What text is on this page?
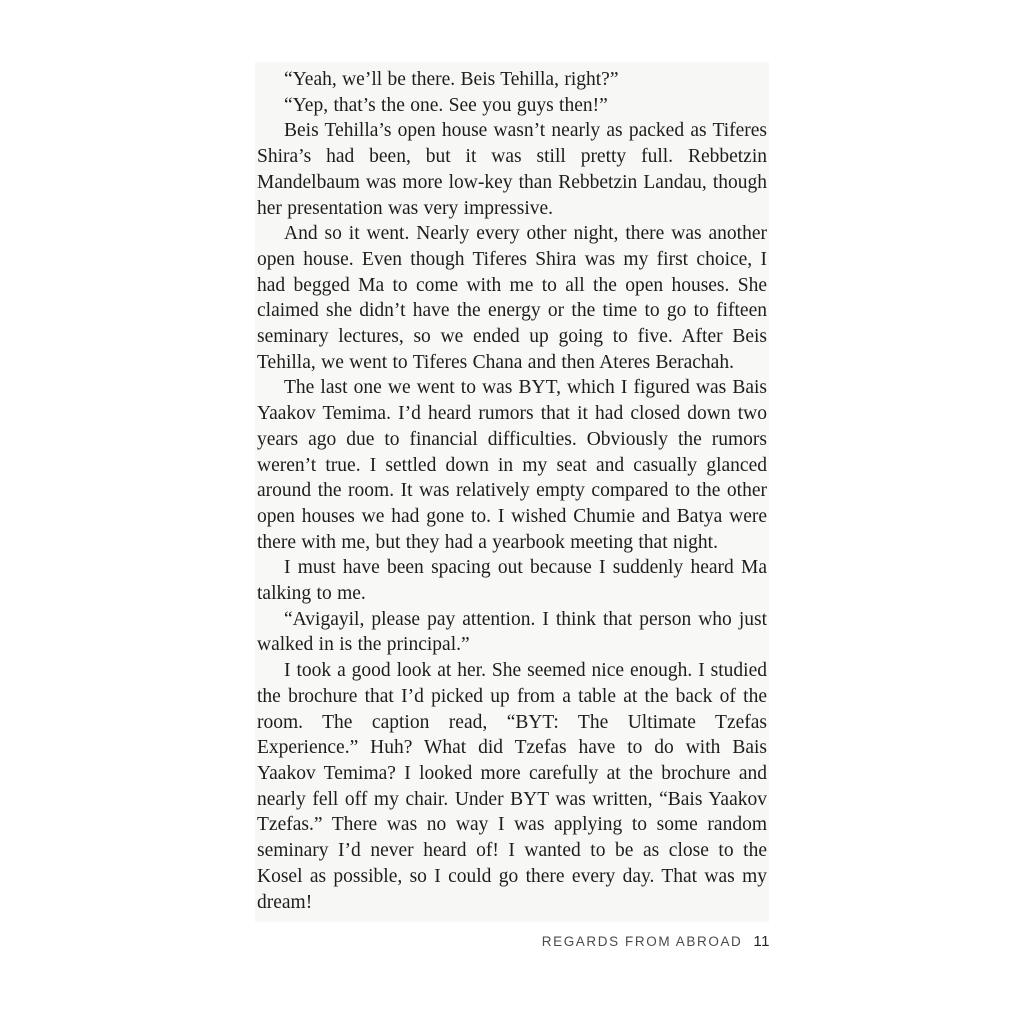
“Yeah, we’ll be there. Beis Tehilla, right?”

“Yep, that’s the one. See you guys then!”

Beis Tehilla’s open house wasn’t nearly as packed as Tiferes Shira’s had been, but it was still pretty full. Rebbetzin Mandelbaum was more low-key than Rebbetzin Landau, though her presentation was very impressive.

And so it went. Nearly every other night, there was another open house. Even though Tiferes Shira was my first choice, I had begged Ma to come with me to all the open houses. She claimed she didn’t have the energy or the time to go to fifteen seminary lectures, so we ended up going to five. After Beis Tehilla, we went to Tiferes Chana and then Ateres Berachah.

The last one we went to was BYT, which I figured was Bais Yaakov Temima. I’d heard rumors that it had closed down two years ago due to financial difficulties. Obviously the rumors weren’t true. I settled down in my seat and casually glanced around the room. It was relatively empty compared to the other open houses we had gone to. I wished Chumie and Batya were there with me, but they had a yearbook meeting that night.

I must have been spacing out because I suddenly heard Ma talking to me.

“Avigayil, please pay attention. I think that person who just walked in is the principal.”

I took a good look at her. She seemed nice enough. I studied the brochure that I’d picked up from a table at the back of the room. The caption read, “BYT: The Ultimate Tzefas Experience.” Huh? What did Tzefas have to do with Bais Yaakov Temima? I looked more carefully at the brochure and nearly fell off my chair. Under BYT was written, “Bais Yaakov Tzefas.” There was no way I was applying to some random seminary I’d never heard of! I wanted to be as close to the Kosel as possible, so I could go there every day. That was my dream!

REGARDS FROM ABROAD 11
